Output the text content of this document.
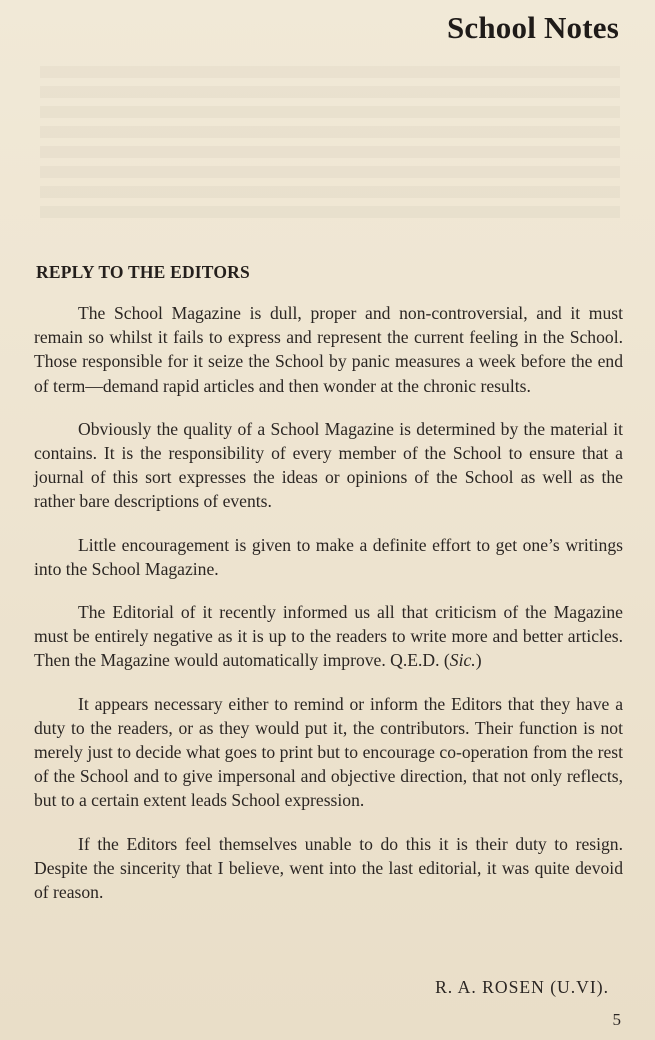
School Notes
REPLY TO THE EDITORS

The School Magazine is dull, proper and non-controversial, and it must remain so whilst it fails to express and represent the current feeling in the School. Those responsible for it seize the School by panic measures a week before the end of term—demand rapid articles and then wonder at the chronic results.

Obviously the quality of a School Magazine is determined by the material it contains. It is the responsibility of every member of the School to ensure that a journal of this sort expresses the ideas or opinions of the School as well as the rather bare descriptions of events.

Little encouragement is given to make a definite effort to get one’s writings into the School Magazine.

The Editorial of it recently informed us all that criticism of the Magazine must be entirely negative as it is up to the readers to write more and better articles. Then the Magazine would automatically improve. Q.E.D. (Sic.)

It appears necessary either to remind or inform the Editors that they have a duty to the readers, or as they would put it, the contributors. Their function is not merely just to decide what goes to print but to encourage co-operation from the rest of the School and to give impersonal and objective direction, that not only reflects, but to a certain extent leads School expression.

If the Editors feel themselves unable to do this it is their duty to resign. Despite the sincerity that I believe, went into the last editorial, it was quite devoid of reason.

R. A. ROSEN (U.VI).
5
